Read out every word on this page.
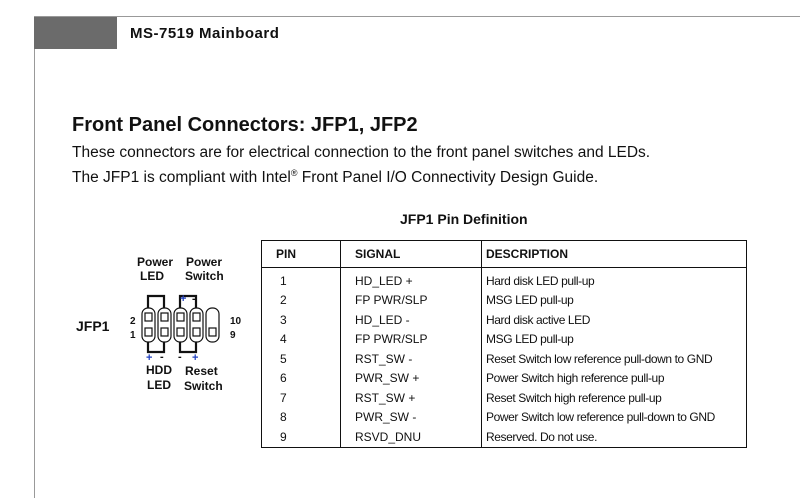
MS-7519 Mainboard
Front Panel Connectors: JFP1, JFP2
These connectors are for electrical connection to the front panel switches and LEDs.
The JFP1 is compliant with Intel® Front Panel I/O Connectivity Design Guide.
Power
LED
Power
Switch
JFP1 2
1
10
9
+ -
+ - - +
HDD
LED
Reset
Switch
JFP1 Pin Definition
PIN	SIGNAL	DESCRIPTION
1	HD_LED +	Hard disk LED pull-up
2	FP PWR/SLP	MSG LED pull-up
3	HD_LED -	Hard disk active LED
4	FP PWR/SLP	MSG LED pull-up
5	RST_SW -	Reset Switch low reference pull-down to GND
6	PWR_SW +	Power Switch high reference pull-up
7	RST_SW +	Reset Switch high reference pull-up
8	PWR_SW -	Power Switch low reference pull-down to GND
9	RSVD_DNU	Reserved. Do not use.
